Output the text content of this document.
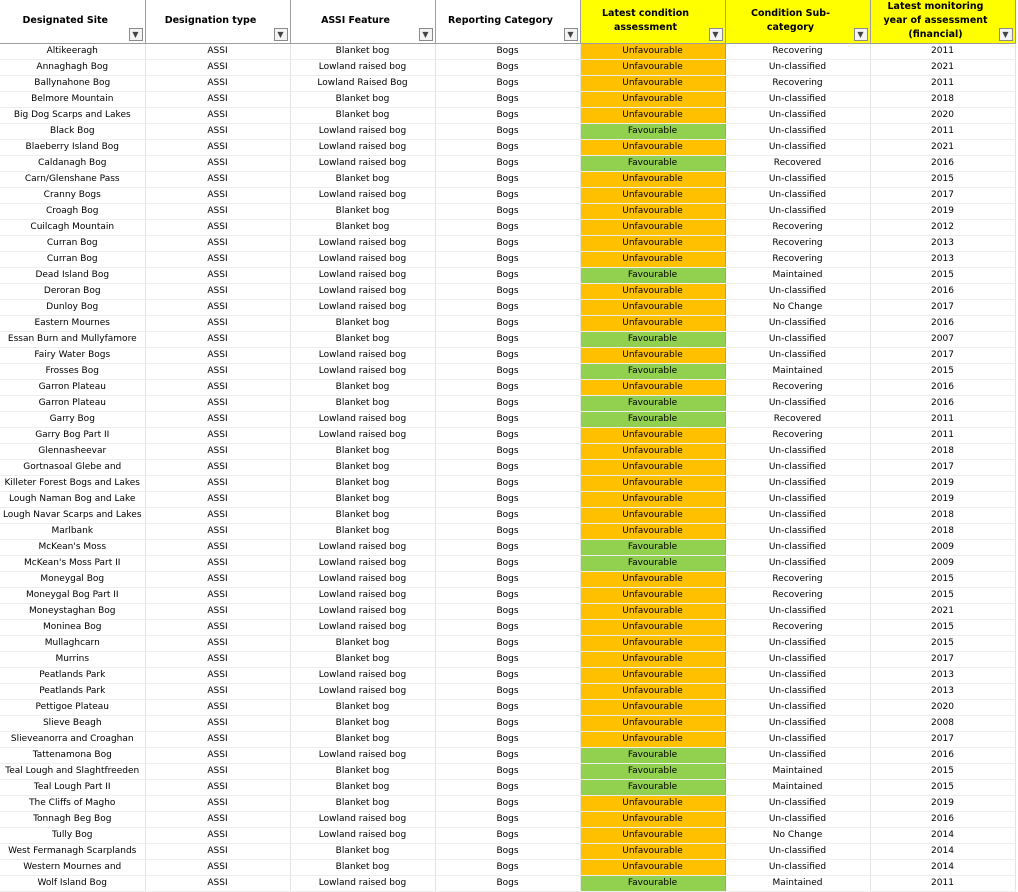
Designated Site
▼	Designation type
▼	ASSI Feature
▼	Reporting Category
▼	Latest condition assessment
▼	Condition Sub-category
▼	Latest monitoring year of assessment (financial) ▼

Altikeeragh	ASSI	Blanket bog	Bogs	Unfavourable	Recovering	2011
Annaghagh Bog	ASSI	Lowland raised bog	Bogs	Unfavourable	Un-classified	2021
Ballynahone Bog	ASSI	Lowland Raised Bog	Bogs	Unfavourable	Recovering	2011
Belmore Mountain	ASSI	Blanket bog	Bogs	Unfavourable	Un-classified	2018
Big Dog Scarps and Lakes	ASSI	Blanket bog	Bogs	Unfavourable	Un-classified	2020
Black Bog	ASSI	Lowland raised bog	Bogs	Favourable	Un-classified	2011
Blaeberry Island Bog	ASSI	Lowland raised bog	Bogs	Unfavourable	Un-classified	2021
Caldanagh Bog	ASSI	Lowland raised bog	Bogs	Favourable	Recovered	2016
Carn/Glenshane Pass	ASSI	Blanket bog	Bogs	Unfavourable	Un-classified	2015
Cranny Bogs	ASSI	Lowland raised bog	Bogs	Unfavourable	Un-classified	2017
Croagh Bog	ASSI	Blanket bog	Bogs	Unfavourable	Un-classified	2019
Cuilcagh Mountain	ASSI	Blanket bog	Bogs	Unfavourable	Recovering	2012
Curran Bog	ASSI	Lowland raised bog	Bogs	Unfavourable	Recovering	2013
Curran Bog	ASSI	Lowland raised bog	Bogs	Unfavourable	Recovering	2013
Dead Island Bog	ASSI	Lowland raised bog	Bogs	Favourable	Maintained	2015
Deroran Bog	ASSI	Lowland raised bog	Bogs	Unfavourable	Un-classified	2016
Dunloy Bog	ASSI	Lowland raised bog	Bogs	Unfavourable	No Change	2017
Eastern Mournes	ASSI	Blanket bog	Bogs	Unfavourable	Un-classified	2016
Essan Burn and Mullyfamore	ASSI	Blanket bog	Bogs	Favourable	Un-classified	2007
Fairy Water Bogs	ASSI	Lowland raised bog	Bogs	Unfavourable	Un-classified	2017
Frosses Bog	ASSI	Lowland raised bog	Bogs	Favourable	Maintained	2015
Garron Plateau	ASSI	Blanket bog	Bogs	Unfavourable	Recovering	2016
Garron Plateau	ASSI	Blanket bog	Bogs	Favourable	Un-classified	2016
Garry Bog	ASSI	Lowland raised bog	Bogs	Favourable	Recovered	2011
Garry Bog Part II	ASSI	Lowland raised bog	Bogs	Unfavourable	Recovering	2011
Glennasheevar	ASSI	Blanket bog	Bogs	Unfavourable	Un-classified	2018
Gortnasoal Glebe and	ASSI	Blanket bog	Bogs	Unfavourable	Un-classified	2017
Killeter Forest Bogs and Lakes	ASSI	Blanket bog	Bogs	Unfavourable	Un-classified	2019
Lough Naman Bog and Lake	ASSI	Blanket bog	Bogs	Unfavourable	Un-classified	2019
Lough Navar Scarps and Lakes	ASSI	Blanket bog	Bogs	Unfavourable	Un-classified	2018
Marlbank	ASSI	Blanket bog	Bogs	Unfavourable	Un-classified	2018
McKean's Moss	ASSI	Lowland raised bog	Bogs	Favourable	Un-classified	2009
McKean's Moss Part II	ASSI	Lowland raised bog	Bogs	Favourable	Un-classified	2009
Moneygal Bog	ASSI	Lowland raised bog	Bogs	Unfavourable	Recovering	2015
Moneygal Bog Part II	ASSI	Lowland raised bog	Bogs	Unfavourable	Recovering	2015
Moneystaghan Bog	ASSI	Lowland raised bog	Bogs	Unfavourable	Un-classified	2021
Moninea Bog	ASSI	Lowland raised bog	Bogs	Unfavourable	Recovering	2015
Mullaghcarn	ASSI	Blanket bog	Bogs	Unfavourable	Un-classified	2015
Murrins	ASSI	Blanket bog	Bogs	Unfavourable	Un-classified	2017
Peatlands Park	ASSI	Lowland raised bog	Bogs	Unfavourable	Un-classified	2013
Peatlands Park	ASSI	Lowland raised bog	Bogs	Unfavourable	Un-classified	2013
Pettigoe Plateau	ASSI	Blanket bog	Bogs	Unfavourable	Un-classified	2020
Slieve Beagh	ASSI	Blanket bog	Bogs	Unfavourable	Un-classified	2008
Slieveanorra and Croaghan	ASSI	Blanket bog	Bogs	Unfavourable	Un-classified	2017
Tattenamona Bog	ASSI	Lowland raised bog	Bogs	Favourable	Un-classified	2016
Teal Lough and Slaghtfreeden	ASSI	Blanket bog	Bogs	Favourable	Maintained	2015
Teal Lough Part II	ASSI	Blanket bog	Bogs	Favourable	Maintained	2015
The Cliffs of Magho	ASSI	Blanket bog	Bogs	Unfavourable	Un-classified	2019
Tonnagh Beg Bog	ASSI	Lowland raised bog	Bogs	Unfavourable	Un-classified	2016
Tully Bog	ASSI	Lowland raised bog	Bogs	Unfavourable	No Change	2014
West Fermanagh Scarplands	ASSI	Blanket bog	Bogs	Unfavourable	Un-classified	2014
Western Mournes and	ASSI	Blanket bog	Bogs	Unfavourable	Un-classified	2014
Wolf Island Bog	ASSI	Lowland raised bog	Bogs	Favourable	Maintained	2011
